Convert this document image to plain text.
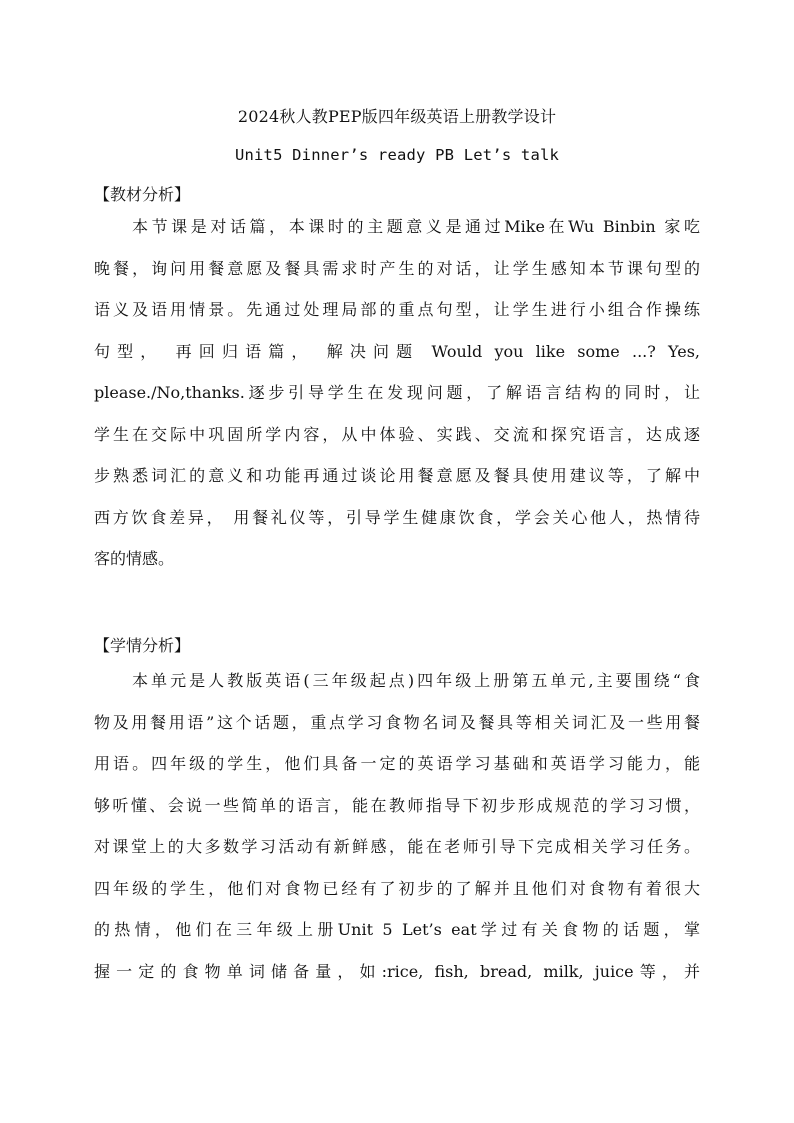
2024秋人教PEP版四年级英语上册教学设计
Unit5 Dinner’s ready PB Let’s talk
【教材分析】
本节课是对话篇，本课时的主题意义是通过Mike在Wu Binbin 家吃
晚餐，询问用餐意愿及餐具需求时产生的对话，让学生感知本节课句型的
语义及语用情景。先通过处理局部的重点句型，让学生进行小组合作操练
句型， 再回归语篇， 解决问题 Would you like some ...? Yes,
please./No,thanks.逐步引导学生在发现问题，了解语言结构的同时，让
学生在交际中巩固所学内容，从中体验、实践、交流和探究语言，达成逐
步熟悉词汇的意义和功能再通过谈论用餐意愿及餐具使用建议等，了解中
西方饮食差异， 用餐礼仪等，引导学生健康饮食，学会关心他人，热情待
客的情感。
【学情分析】
本单元是人教版英语(三年级起点)四年级上册第五单元,主要围绕“食
物及用餐用语”这个话题，重点学习食物名词及餐具等相关词汇及一些用餐
用语。四年级的学生，他们具备一定的英语学习基础和英语学习能力，能
够听懂、会说一些简单的语言，能在教师指导下初步形成规范的学习习惯，
对课堂上的大多数学习活动有新鲜感，能在老师引导下完成相关学习任务。
四年级的学生，他们对食物已经有了初步的了解并且他们对食物有着很大
的热情，他们在三年级上册Unit 5 Let’s eat学过有关食物的话题，掌
握一定的食物单词储备量，如:rice, fish, bread, milk, juice等，并
